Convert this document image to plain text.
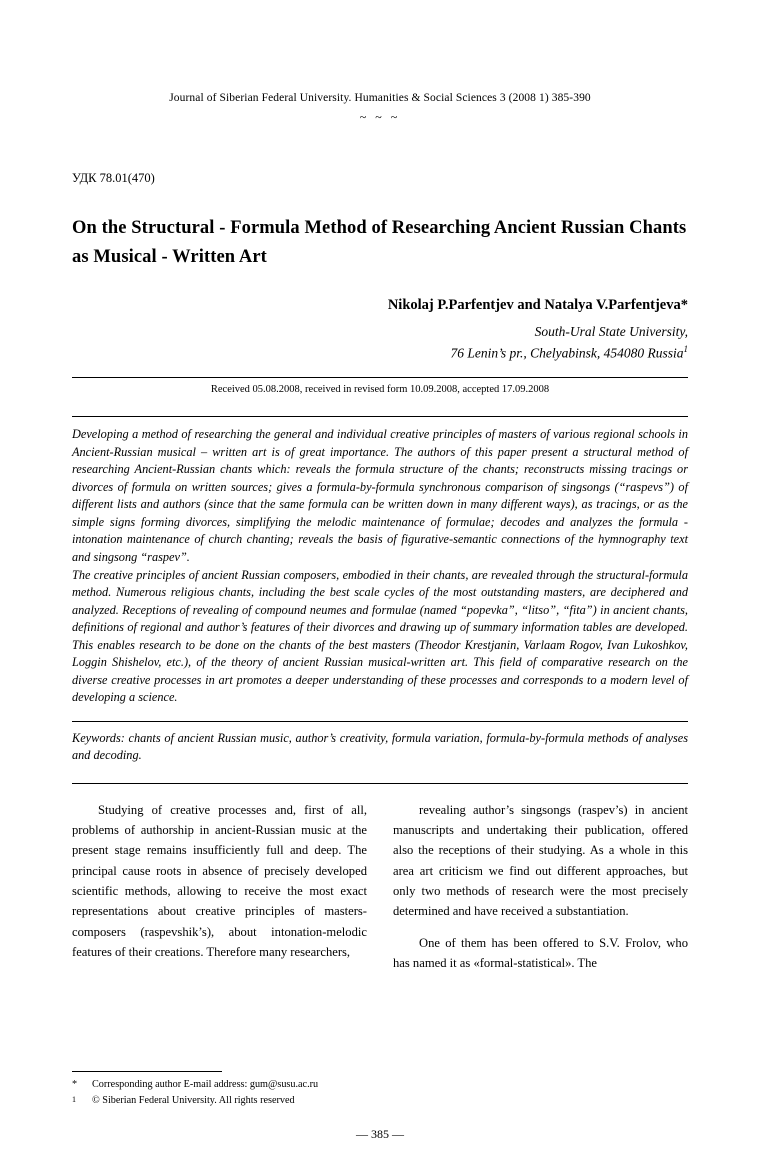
Journal of Siberian Federal University. Humanities & Social Sciences 3 (2008 1) 385-390
~ ~ ~
УДК 78.01(470)
On the Structural - Formula Method of Researching Ancient Russian Chants as Musical - Written Art
Nikolaj P.Parfentjev and Natalya V.Parfentjeva*
South-Ural State University,
76 Lenin’s pr., Chelyabinsk, 454080 Russia$^1$
Received 05.08.2008, received in revised form 10.09.2008, accepted 17.09.2008

Developing a method of researching the general and individual creative principles of masters of various regional schools in Ancient-Russian musical – written art is of great importance. The authors of this paper present a structural method of researching Ancient-Russian chants which: reveals the formula structure of the chants; reconstructs missing tracings or divorces of formula on written sources; gives a formula-by-formula synchronous comparison of singsongs (“raspevs”) of different lists and authors (since that the same formula can be written down in many different ways), as tracings, or as the simple signs forming divorces, simplifying the melodic maintenance of formulae; decodes and analyzes the formula -intonation maintenance of church chanting; reveals the basis of figurative-semantic connections of the hymnography text and singsong “raspev”.

The creative principles of ancient Russian composers, embodied in their chants, are revealed through the structural-formula method. Numerous religious chants, including the best scale cycles of the most outstanding masters, are deciphered and analyzed. Receptions of revealing of compound neumes and formulae (named “popevka”, “litso”, “fita”) in ancient chants, definitions of regional and author’s features of their divorces and drawing up of summary information tables are developed. This enables research to be done on the chants of the best masters (Theodor Krestjanin, Varlaam Rogov, Ivan Lukoshkov, Loggin Shishelov, etc.), of the theory of ancient Russian musical-written art. This field of comparative research on the diverse creative processes in art promotes a deeper understanding of these processes and corresponds to a modern level of developing a science.

Keywords: chants of ancient Russian music, author’s creativity, formula variation, formula-by-formula methods of analyses and decoding.

Studying of creative processes and, first of all, problems of authorship in ancient-Russian music at the present stage remains insufficiently full and deep. The principal cause roots in absence of precisely developed scientific methods, allowing to receive the most exact representations about creative principles of masters-composers (raspevshik’s), about intonation-melodic features of their creations. Therefore many researchers,

revealing author’s singsongs (raspev’s) in ancient manuscripts and undertaking their publication, offered also the receptions of their studying. As a whole in this area art criticism we find out different approaches, but only two methods of research were the most precisely determined and have received a substantiation.

One of them has been offered to S.V. Frolov, who has named it as «formal-statistical». The

*	Corresponding author E-mail address: gum@susu.ac.ru
1	© Siberian Federal University. All rights reserved
— 385 —
